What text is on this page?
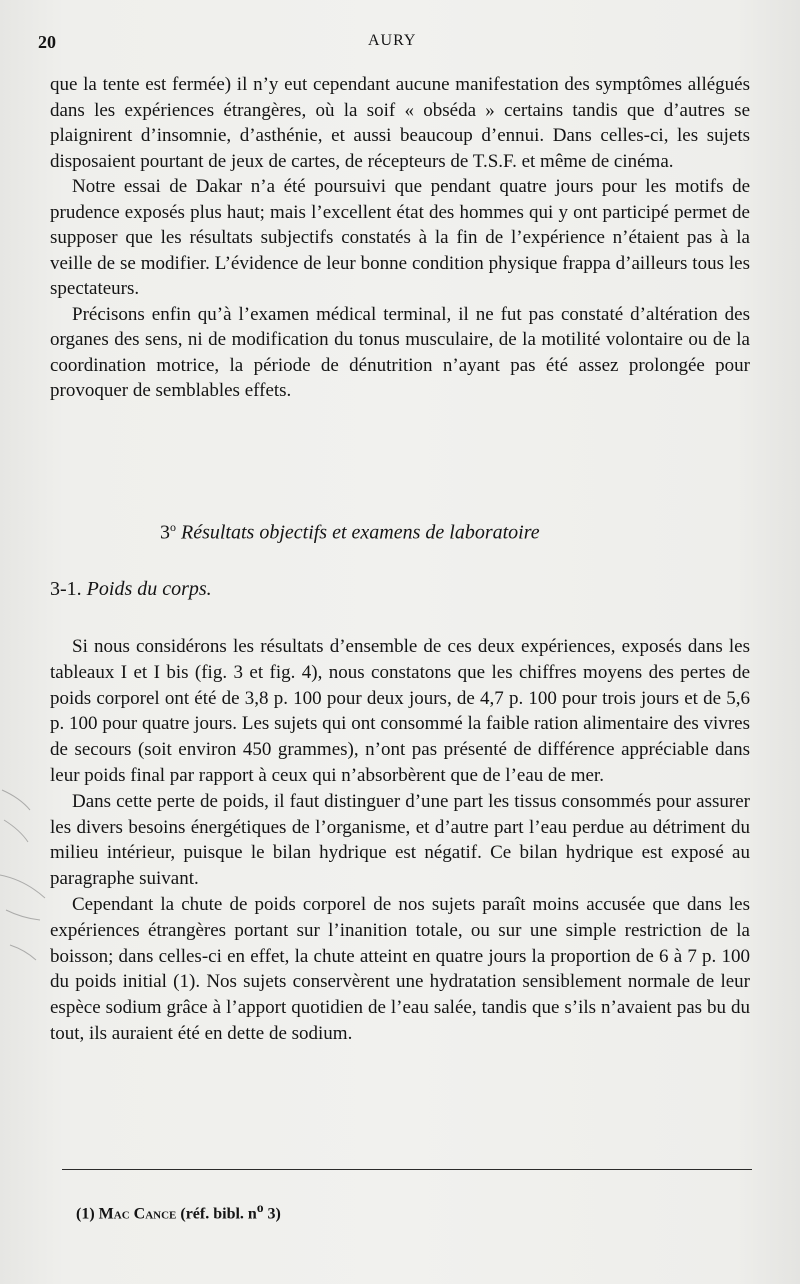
20	AURY

que la tente est fermée) il n’y eut cependant aucune manifestation des symptômes allégués dans les expériences étrangères, où la soif « obséda » certains tandis que d’autres se plaignirent d’insomnie, d’asthénie, et aussi beaucoup d’ennui. Dans celles-ci, les sujets disposaient pourtant de jeux de cartes, de récepteurs de T.S.F. et même de cinéma.

Notre essai de Dakar n’a été poursuivi que pendant quatre jours pour les motifs de prudence exposés plus haut; mais l’excellent état des hommes qui y ont participé permet de supposer que les résultats subjectifs constatés à la fin de l’expérience n’étaient pas à la veille de se modifier. L’évidence de leur bonne condition physique frappa d’ailleurs tous les spectateurs.

Précisons enfin qu’à l’examen médical terminal, il ne fut pas constaté d’altération des organes des sens, ni de modification du tonus musculaire, de la motilité volontaire ou de la coordination motrice, la période de dénutrition n’ayant pas été assez prolongée pour provoquer de semblables effets.

3$^o$ Résultats objectifs et examens de laboratoire
3-1. Poids du corps.

Si nous considérons les résultats d’ensemble de ces deux expériences, exposés dans les tableaux I et I bis (fig. 3 et fig. 4), nous constatons que les chiffres moyens des pertes de poids corporel ont été de 3,8 p. 100 pour deux jours, de 4,7 p. 100 pour trois jours et de 5,6 p. 100 pour quatre jours. Les sujets qui ont consommé la faible ration alimentaire des vivres de secours (soit environ 450 grammes), n’ont pas présenté de différence appréciable dans leur poids final par rapport à ceux qui n’absorbèrent que de l’eau de mer.

Dans cette perte de poids, il faut distinguer d’une part les tissus consommés pour assurer les divers besoins énergétiques de l’organisme, et d’autre part l’eau perdue au détriment du milieu intérieur, puisque le bilan hydrique est négatif. Ce bilan hydrique est exposé au paragraphe suivant.

Cependant la chute de poids corporel de nos sujets paraît moins accusée que dans les expériences étrangères portant sur l’inanition totale, ou sur une simple restriction de la boisson; dans celles-ci en effet, la chute atteint en quatre jours la proportion de 6 à 7 p. 100 du poids initial (1). Nos sujets conservèrent une hydratation sensiblement normale de leur espèce sodium grâce à l’apport quotidien de l’eau salée, tandis que s’ils n’avaient pas bu du tout, ils auraient été en dette de sodium.

(1) Mac Cance (réf. bibl. $n^o$ 3)
